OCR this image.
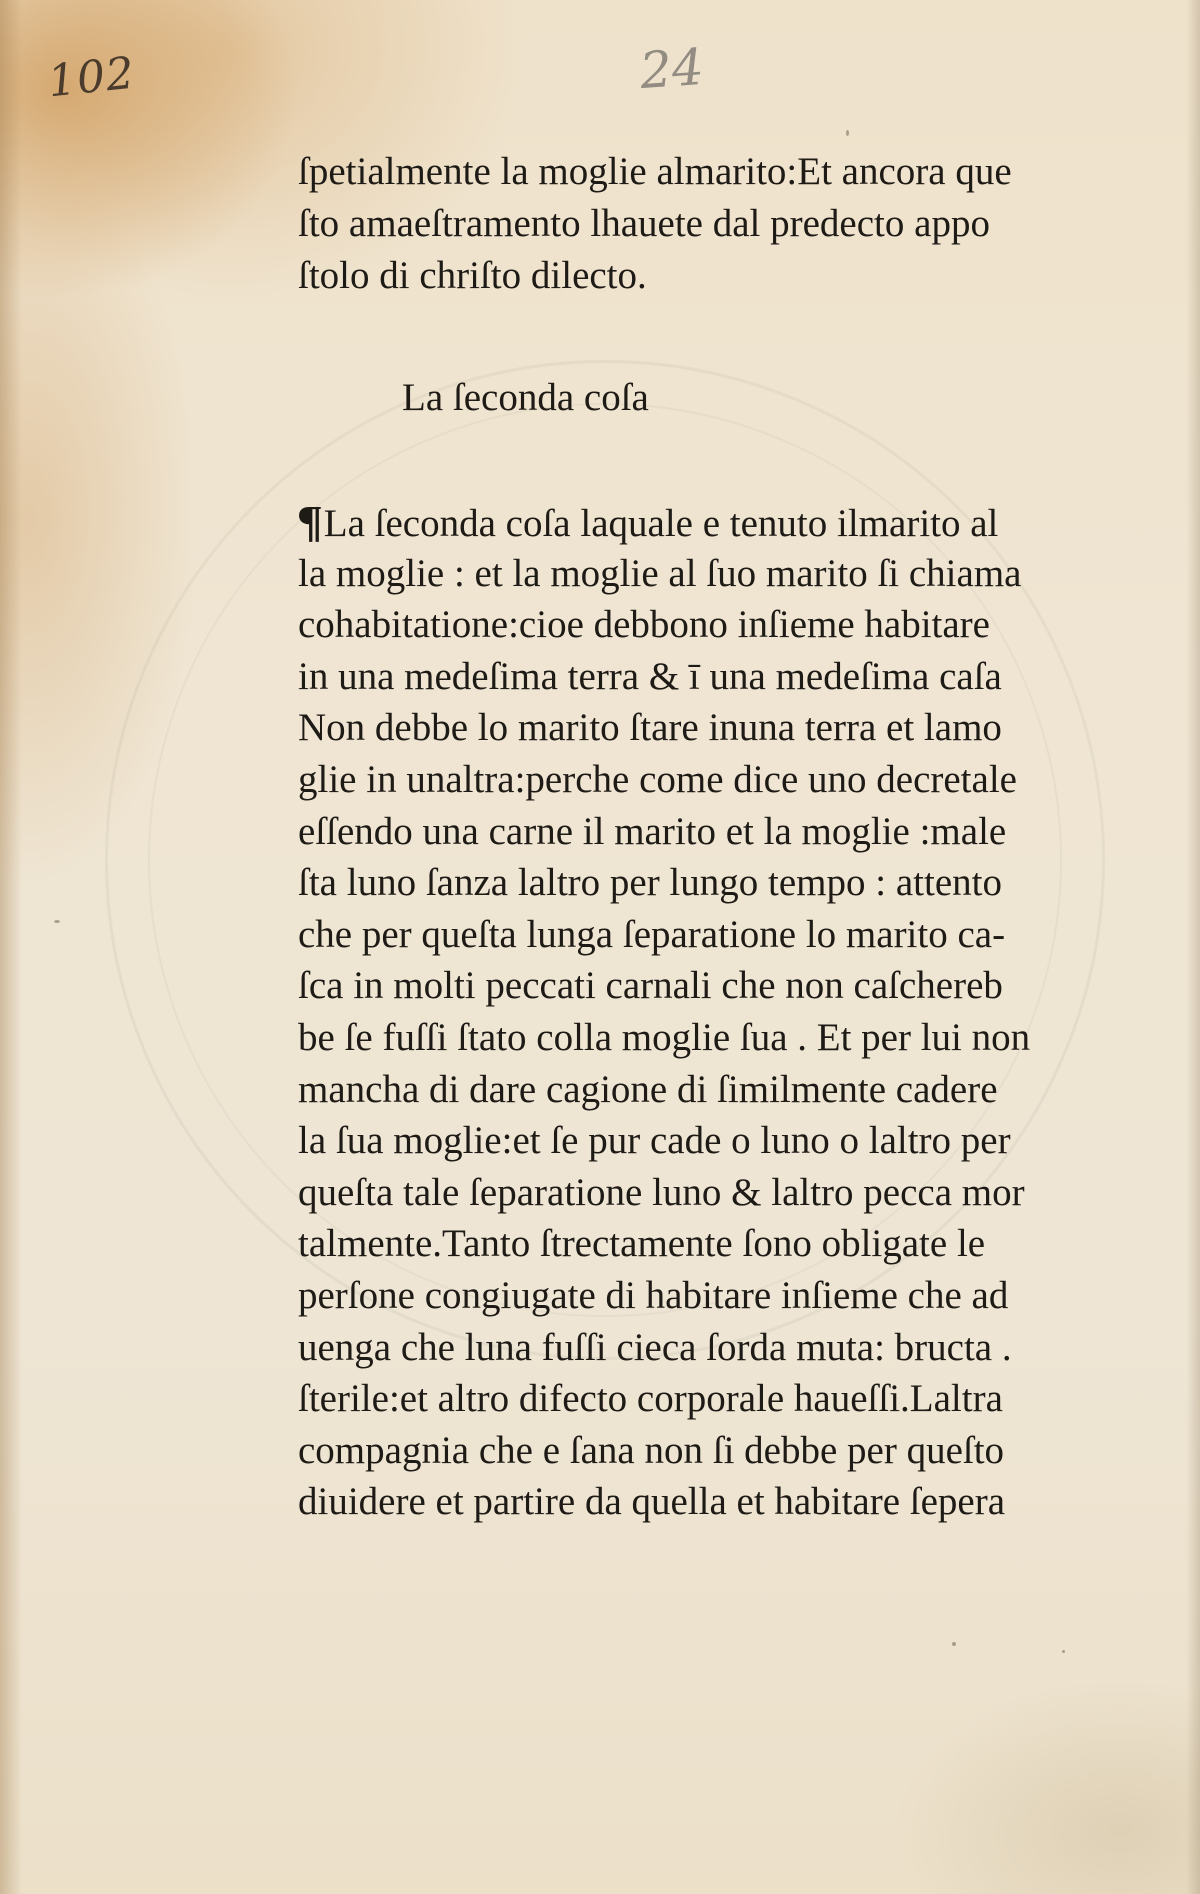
102	24
ſpetialmente la moglie almarito:Et ancora que
ſto amaeſtramento lhauete dal predecto appo
ſtolo di chriſto dilecto.
La ſeconda coſa
¶La ſeconda coſa laquale e tenuto ilmarito al
la moglie : et la moglie al ſuo marito ſi chiama
cohabitatione:cioe debbono inſieme habitare
in una medeſima terra & ī una medeſima caſa
Non debbe lo marito ſtare inuna terra et lamo
glie in unaltra:perche come dice uno decretale
eſſendo una carne il marito et la moglie :male
ſta luno ſanza laltro per lungo tempo : attento
che per queſta lunga ſeparatione lo marito ca-
ſca in molti peccati carnali che non caſchereb
be ſe fuſſi ſtato colla moglie ſua . Et per lui non
mancha di dare cagione di ſimilmente cadere
la ſua moglie:et ſe pur cade o luno o laltro per
queſta tale ſeparatione luno & laltro pecca mor
talmente.Tanto ſtrectamente ſono obligate le
perſone congiugate di habitare inſieme che ad
uenga che luna fuſſi cieca ſorda muta: bructa .
ſterile:et altro difecto corporale haueſſi.Laltra
compagnia che e ſana non ſi debbe per queſto
diuidere et partire da quella et habitare ſepera
